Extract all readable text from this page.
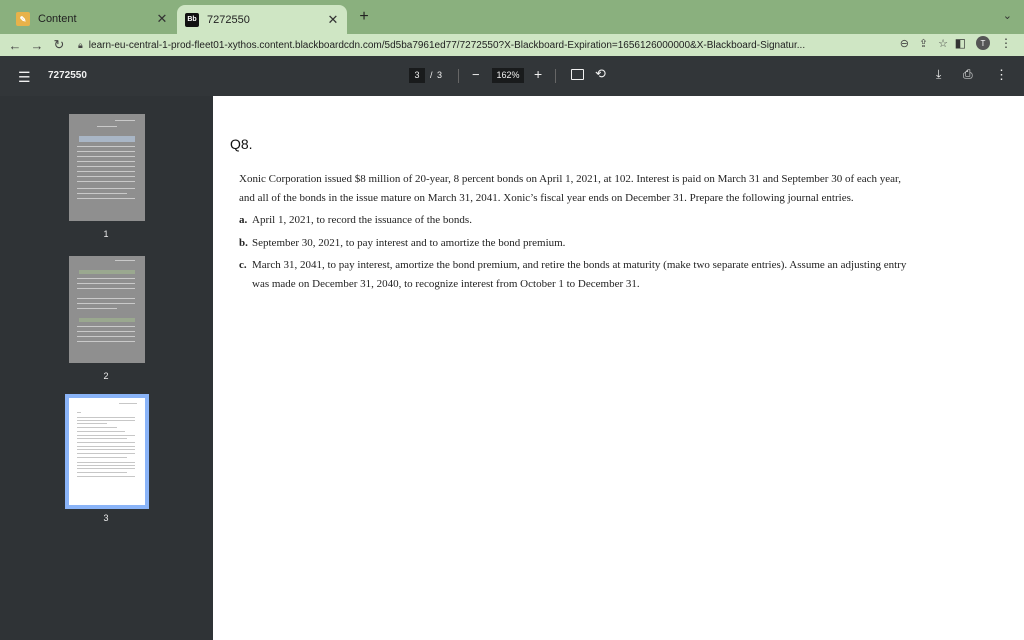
✎	Content	✕	Bb 7272550	✕	+	⌄
← → ↻	🔒︎ learn-eu-central-1-prod-fleet01-xythos.content.blackboardcdn.com/5d5ba7961ed77/7272550?X-Blackboard-Expiration=1656126000000&X-Blackboard-Signatur...	⊖ ⇪ ☆ ◧	T	⋮
☰ 7272550	3	/ 3 −	162%	+	⟲	⤓ ⎙ ⋮
1
2
3
Q8.

Xonic Corporation issued $8 million of 20-year, 8 percent bonds on April 1, 2021, at 102. Interest is paid on March 31 and September 30 of each year, and all of the bonds in the issue mature on March 31, 2041. Xonic’s fiscal year ends on December 31. Prepare the following journal entries.

a. April 1, 2021, to record the issuance of the bonds.
b. September 30, 2021, to pay interest and to amortize the bond premium.
c. March 31, 2041, to pay interest, amortize the bond premium, and retire the bonds at maturity (make two separate entries). Assume an adjusting entry was made on December 31, 2040, to recognize interest from October 1 to December 31.
